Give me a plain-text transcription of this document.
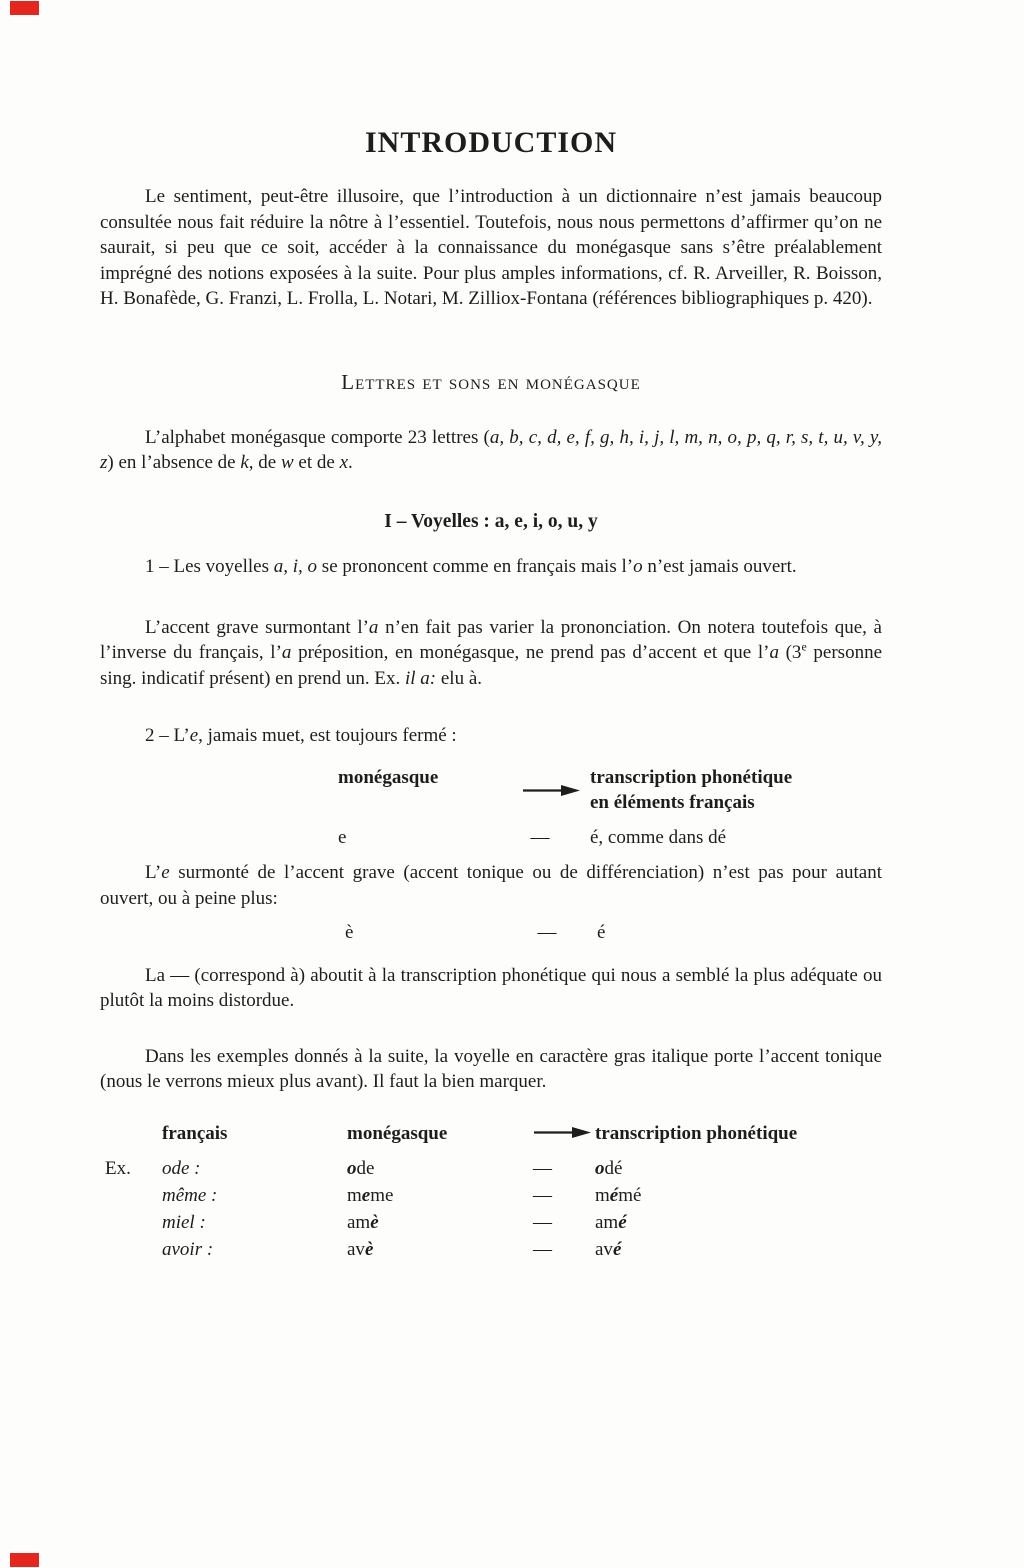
INTRODUCTION

Le sentiment, peut-être illusoire, que l’introduction à un dictionnaire n’est jamais beaucoup consultée nous fait réduire la nôtre à l’essentiel. Toutefois, nous nous permettons d’affirmer qu’on ne saurait, si peu que ce soit, accéder à la connaissance du monégasque sans s’être préalablement imprégné des notions exposées à la suite. Pour plus amples informations, cf. R. Arveiller, R. Boisson, H. Bonafède, G. Franzi, L. Frolla, L. Notari, M. Zilliox-Fontana (références bibliographiques p. 420).

Lettres et sons en monégasque

L’alphabet monégasque comporte 23 lettres (a, b, c, d, e, f, g, h, i, j, l, m, n, o, p, q, r, s, t, u, v, y, z) en l’absence de k, de w et de x.

I – Voyelles : a, e, i, o, u, y

1 – Les voyelles a, i, o se prononcent comme en français mais l’o n’est jamais ouvert.

L’accent grave surmontant l’a n’en fait pas varier la prononciation. On notera toutefois que, à l’inverse du français, l’a préposition, en monégasque, ne prend pas d’accent et que l’a (3e personne sing. indicatif présent) en prend un. Ex. il a: elu à.

2 – L’e, jamais muet, est toujours fermé :

monégasque	transcription phonétique
en éléments français
e	—	é, comme dans dé

L’e surmonté de l’accent grave (accent tonique ou de différenciation) n’est pas pour autant ouvert, ou à peine plus:

è	—	é

La — (correspond à) aboutit à la transcription phonétique qui nous a semblé la plus adéquate ou plutôt la moins distordue.

Dans les exemples donnés à la suite, la voyelle en caractère gras italique porte l’accent tonique (nous le verrons mieux plus avant). Il faut la bien marquer.

français	monégasque	transcription phonétique
Ex.	ode :	ode	—	odé
même :	meme	—	mémé
miel :	amè	—	amé
avoir :	avè	—	avé
